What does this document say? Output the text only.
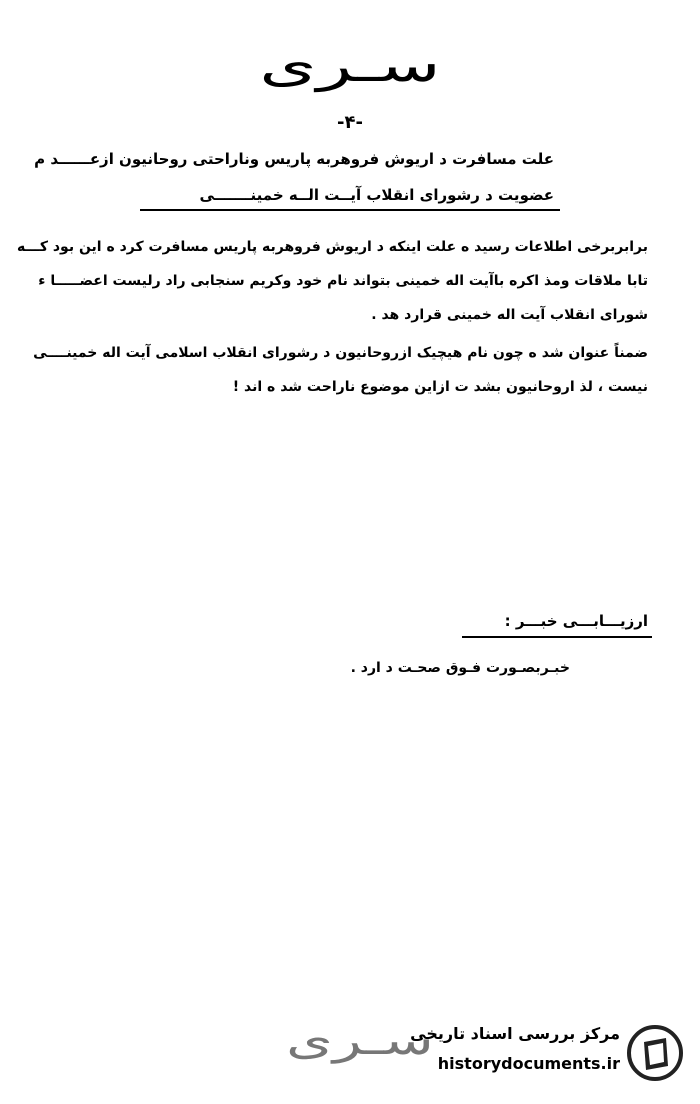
سـری
-۴-
علت مسافرت د اریوش فروهربه پاریس وناراحتی روحانیون ازعــــــد م
عضویت د رشورای انقلاب آیــت الــه خمینـــــــی
برابربرخی اطلاعات رسید ه علت اینکه د اریوش فروهربه پاریس مسافرت کرد ه این بود کـــه
تابا ملاقات ومذ اکره باآیت اله خمینی بتواند نام خود وکریم سنجابی راد رلیست اعضـــــا ء
شورای انقلاب آیت اله خمینی قرارد هد .
ضمناً عنوان شد ه چون نام هیچیک ازروحانیون د رشورای انقلاب اسلامی آیت اله خمینــــی
نیست ، لذ اروحانیون بشد ت ازاین موضوع ناراحت شد ه اند !
ارزیـــابـــی خبـــر :
خبـربصـورت فـوق صحـت د ارد .
سـری
مرکز بررسی اسناد تاریخی
historydocuments.ir
